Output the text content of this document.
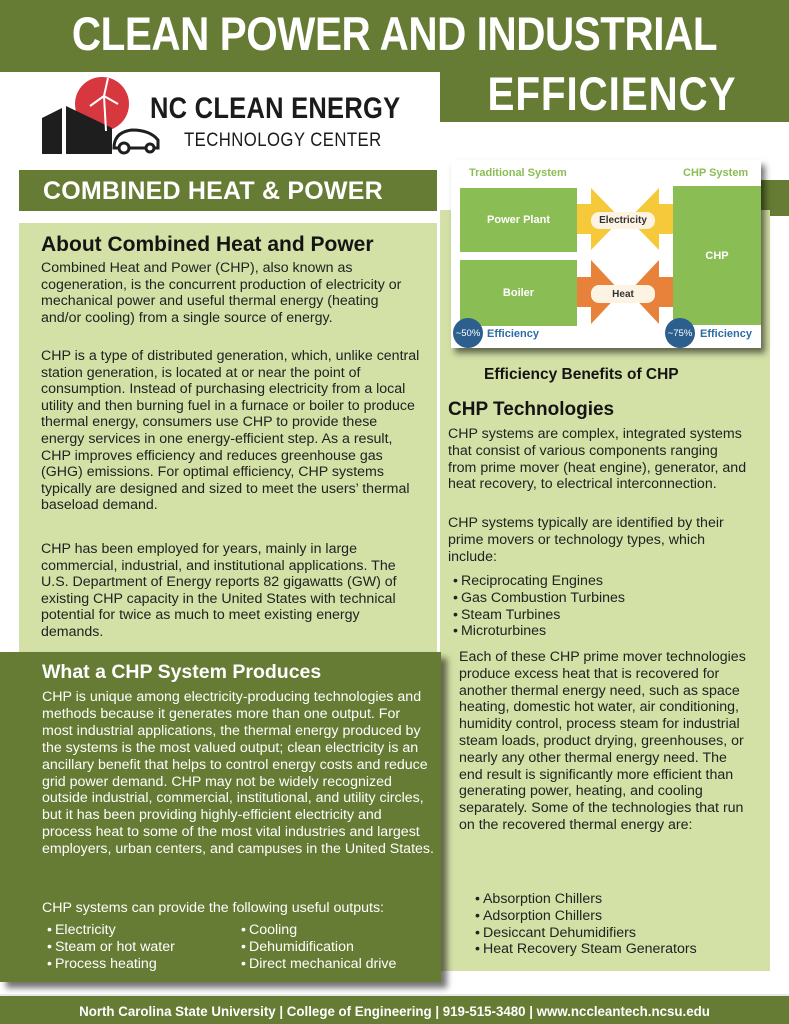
CLEAN POWER AND INDUSTRIAL
EFFICIENCY
NC CLEAN ENERGY
TECHNOLOGY CENTER
COMBINED HEAT & POWER
About Combined Heat and Power

Combined Heat and Power (CHP), also known as cogeneration, is the concurrent production of electricity or mechanical power and useful thermal energy (heating and/or cooling) from a single source of energy.

CHP is a type of distributed generation, which, unlike central station generation, is located at or near the point of consumption. Instead of purchasing electricity from a local utility and then burning fuel in a furnace or boiler to produce thermal energy, consumers use CHP to provide these energy services in one energy-efficient step. As a result, CHP improves efficiency and reduces greenhouse gas (GHG) emissions. For optimal efficiency, CHP systems typically are designed and sized to meet the users’ thermal baseload demand.

CHP has been employed for years, mainly in large commercial, industrial, and institutional applications. The U.S. Department of Energy reports 82 gigawatts (GW) of existing CHP capacity in the United States with technical potential for twice as much to meet existing energy demands.

Traditional System	CHP System
Power Plant
Boiler
CHP
Electricity
Heat
~50% Efficiency	~75% Efficiency
Efficiency Benefits of CHP
CHP Technologies

CHP systems are complex, integrated systems that consist of various components ranging from prime mover (heat engine), generator, and heat recovery, to electrical interconnection.

CHP systems typically are identified by their prime movers or technology types, which include:

• Reciprocating Engines
• Gas Combustion Turbines
• Steam Turbines
• Microturbines

Each of these CHP prime mover technologies produce excess heat that is recovered for another thermal energy need, such as space heating, domestic hot water, air conditioning, humidity control, process steam for industrial steam loads, product drying, greenhouses, or nearly any other thermal energy need. The end result is significantly more efficient than generating power, heating, and cooling separately. Some of the technologies that run on the recovered thermal energy are:

• Absorption Chillers
• Adsorption Chillers
• Desiccant Dehumidifiers
• Heat Recovery Steam Generators
What a CHP System Produces

CHP is unique among electricity-producing technologies and methods because it generates more than one output. For most industrial applications, the thermal energy produced by the systems is the most valued output; clean electricity is an ancillary benefit that helps to control energy costs and reduce grid power demand. CHP may not be widely recognized outside industrial, commercial, institutional, and utility circles, but it has been providing highly-efficient electricity and process heat to some of the most vital industries and largest employers, urban centers, and campuses in the United States.

CHP systems can provide the following useful outputs:

• Electricity
• Steam or hot water
• Process heating
• Cooling
• Dehumidification
• Direct mechanical drive
North Carolina State University | College of Engineering | 919-515-3480 | www.nccleantech.ncsu.edu
